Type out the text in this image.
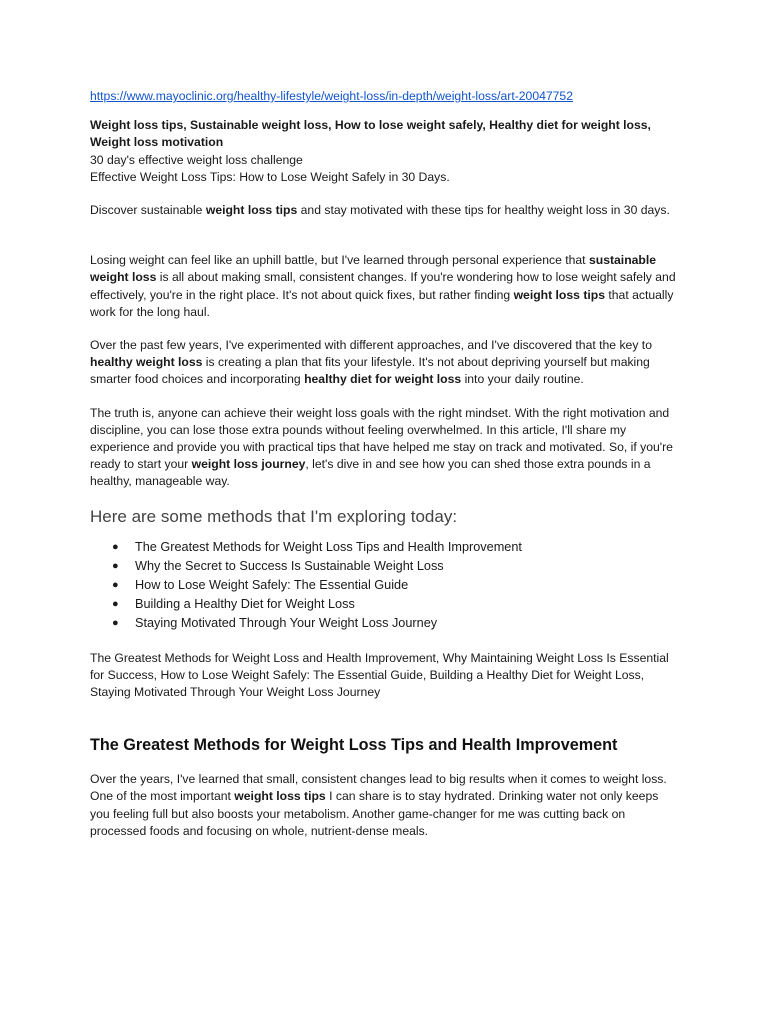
https://www.mayoclinic.org/healthy-lifestyle/weight-loss/in-depth/weight-loss/art-20047752

Weight loss tips, Sustainable weight loss, How to lose weight safely, Healthy diet for weight loss, Weight loss motivation

30 day's effective weight loss challenge

Effective Weight Loss Tips: How to Lose Weight Safely in 30 Days.

Discover sustainable weight loss tips and stay motivated with these tips for healthy weight loss in 30 days.

Losing weight can feel like an uphill battle, but I've learned through personal experience that sustainable weight loss is all about making small, consistent changes. If you're wondering how to lose weight safely and effectively, you're in the right place. It's not about quick fixes, but rather finding weight loss tips that actually work for the long haul.

Over the past few years, I've experimented with different approaches, and I've discovered that the key to healthy weight loss is creating a plan that fits your lifestyle. It's not about depriving yourself but making smarter food choices and incorporating healthy diet for weight loss into your daily routine.

The truth is, anyone can achieve their weight loss goals with the right mindset. With the right motivation and discipline, you can lose those extra pounds without feeling overwhelmed. In this article, I'll share my experience and provide you with practical tips that have helped me stay on track and motivated. So, if you're ready to start your weight loss journey, let's dive in and see how you can shed those extra pounds in a healthy, manageable way.

Here are some methods that I'm exploring today:
● The Greatest Methods for Weight Loss Tips and Health Improvement
● Why the Secret to Success Is Sustainable Weight Loss
● How to Lose Weight Safely: The Essential Guide
● Building a Healthy Diet for Weight Loss
● Staying Motivated Through Your Weight Loss Journey

The Greatest Methods for Weight Loss and Health Improvement, Why Maintaining Weight Loss Is Essential for Success, How to Lose Weight Safely: The Essential Guide, Building a Healthy Diet for Weight Loss, Staying Motivated Through Your Weight Loss Journey

The Greatest Methods for Weight Loss Tips and Health Improvement

Over the years, I've learned that small, consistent changes lead to big results when it comes to weight loss. One of the most important weight loss tips I can share is to stay hydrated. Drinking water not only keeps you feeling full but also boosts your metabolism. Another game-changer for me was cutting back on processed foods and focusing on whole, nutrient-dense meals.
